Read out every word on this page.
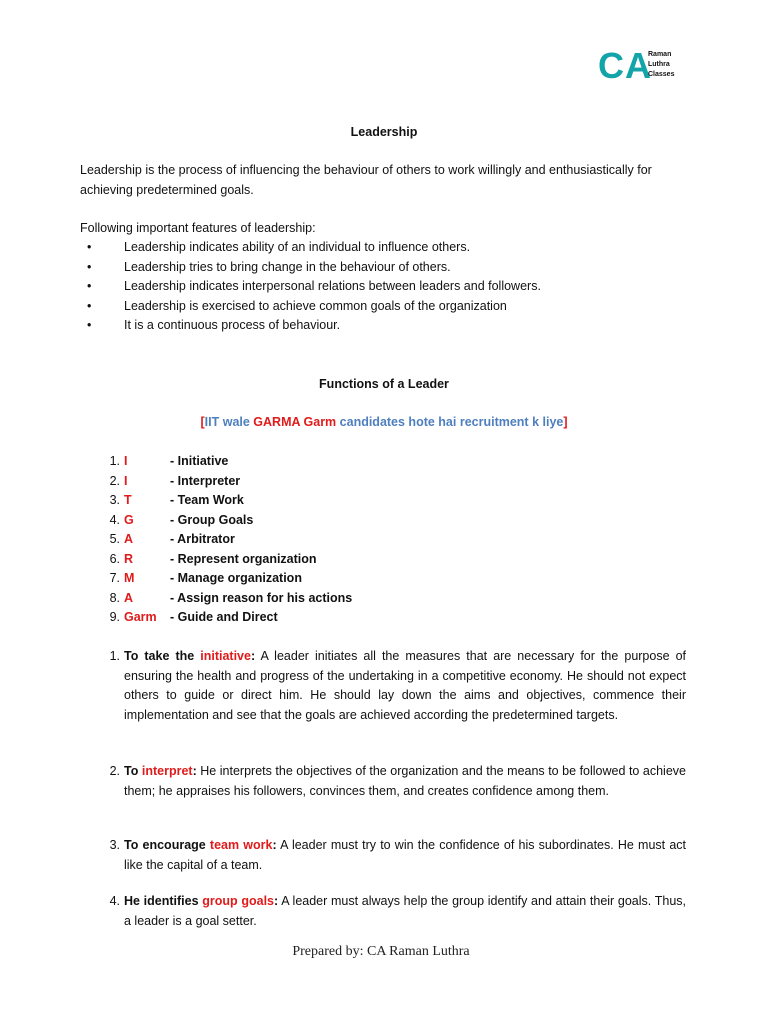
CA
Raman
Luthra
Classes
Leadership
Leadership is the process of influencing the behaviour of others to work willingly and enthusiastically for achieving predetermined goals.
Following important features of leadership:
•	Leadership indicates ability of an individual to influence others.
•	Leadership tries to bring change in the behaviour of others.
•	Leadership indicates interpersonal relations between leaders and followers.
•	Leadership is exercised to achieve common goals of the organization
•	It is a continuous process of behaviour.
Functions of a Leader
[IIT wale GARMA Garm candidates hote hai recruitment k liye]
1. I	- Initiative
2. I	- Interpreter
3. T	- Team Work
4. G	- Group Goals
5. A	- Arbitrator
6. R	- Represent organization
7. M	- Manage organization
8. A	- Assign reason for his actions
9. Garm - Guide and Direct
1. To take the initiative: A leader initiates all the measures that are necessary for the purpose of ensuring the health and progress of the undertaking in a competitive economy. He should not expect others to guide or direct him. He should lay down the aims and objectives, commence their implementation and see that the goals are achieved according the predetermined targets.
2. To interpret: He interprets the objectives of the organization and the means to be followed to achieve them; he appraises his followers, convinces them, and creates confidence among them.
3. To encourage team work: A leader must try to win the confidence of his subordinates. He must act like the capital of a team.
4. He identifies group goals: A leader must always help the group identify and attain their goals. Thus, a leader is a goal setter.
Prepared by: CA Raman Luthra
